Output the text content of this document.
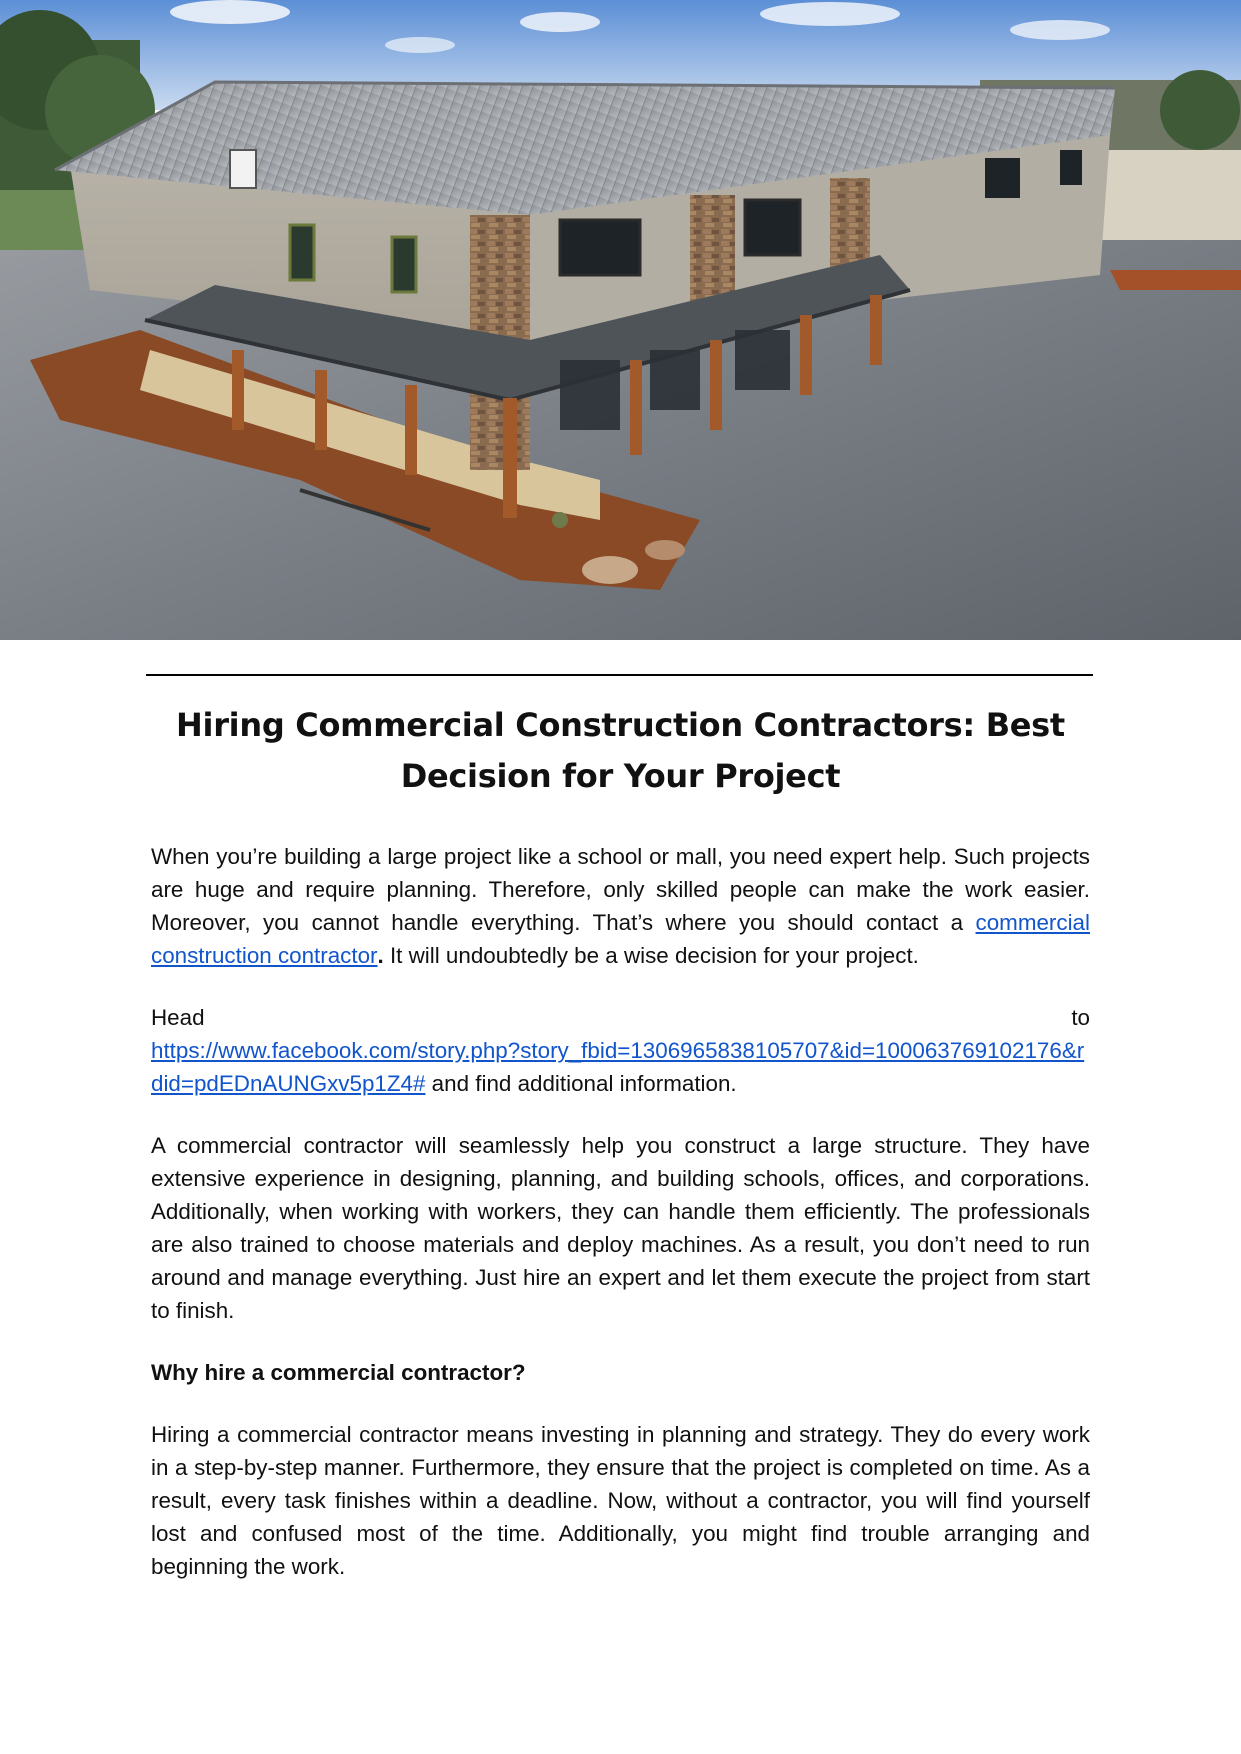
Hiring Commercial Construction Contractors: Best Decision for Your Project

When you’re building a large project like a school or mall, you need expert help. Such projects are huge and require planning. Therefore, only skilled people can make the work easier. Moreover, you cannot handle everything. That’s where you should contact a commercial construction contractor. It will undoubtedly be a wise decision for your project.

Head	to
https://www.facebook.com/story.php?story_fbid=1306965838105707&id=100063769102176&rdid=pdEDnAUNGxv5p1Z4# and find additional information.

A commercial contractor will seamlessly help you construct a large structure. They have extensive experience in designing, planning, and building schools, offices, and corporations. Additionally, when working with workers, they can handle them efficiently. The professionals are also trained to choose materials and deploy machines. As a result, you don’t need to run around and manage everything. Just hire an expert and let them execute the project from start to finish.

Why hire a commercial contractor?

Hiring a commercial contractor means investing in planning and strategy. They do every work in a step-by-step manner. Furthermore, they ensure that the project is completed on time. As a result, every task finishes within a deadline. Now, without a contractor, you will find yourself lost and confused most of the time. Additionally, you might find trouble arranging and beginning the work.
